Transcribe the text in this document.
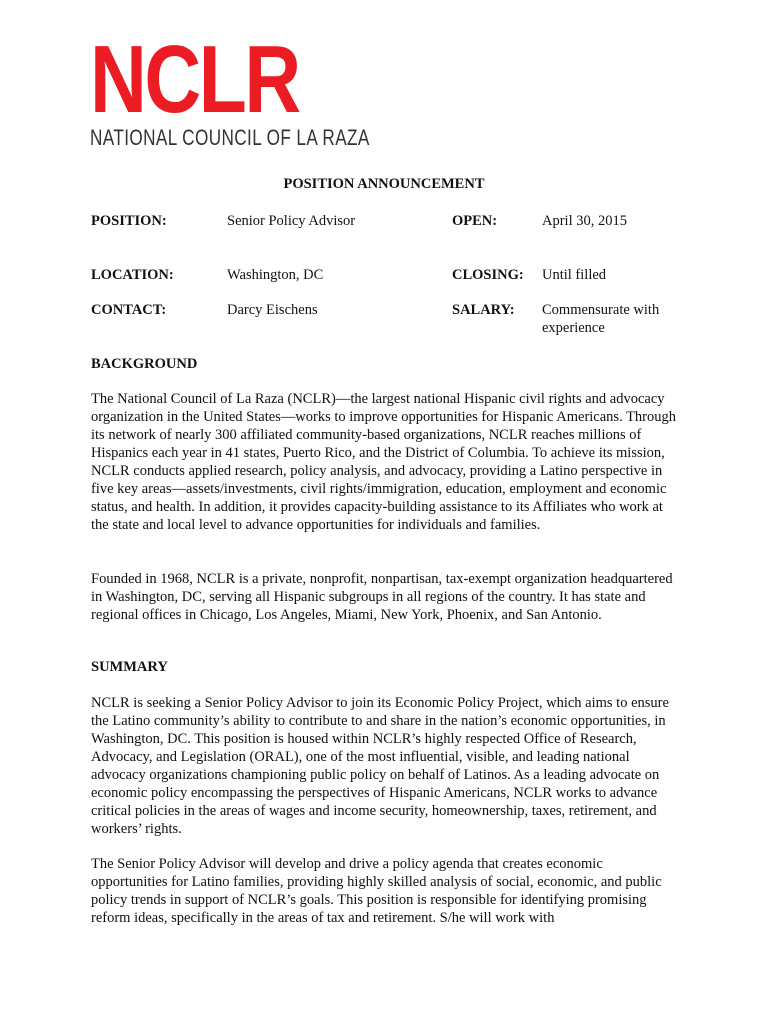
NCLR
NATIONAL COUNCIL OF LA RAZA
POSITION ANNOUNCEMENT
POSITION:	Senior Policy Advisor	OPEN:	April 30, 2015
LOCATION:	Washington, DC	CLOSING: Until filled
CONTACT:	Darcy Eischens	SALARY: Commensurate with experience
BACKGROUND

The National Council of La Raza (NCLR)—the largest national Hispanic civil rights and advocacy organization in the United States—works to improve opportunities for Hispanic Americans. Through its network of nearly 300 affiliated community-based organizations, NCLR reaches millions of Hispanics each year in 41 states, Puerto Rico, and the District of Columbia. To achieve its mission, NCLR conducts applied research, policy analysis, and advocacy, providing a Latino perspective in five key areas—assets/investments, civil rights/immigration, education, employment and economic status, and health. In addition, it provides capacity-building assistance to its Affiliates who work at the state and local level to advance opportunities for individuals and families.

Founded in 1968, NCLR is a private, nonprofit, nonpartisan, tax-exempt organization headquartered in Washington, DC, serving all Hispanic subgroups in all regions of the country. It has state and regional offices in Chicago, Los Angeles, Miami, New York, Phoenix, and San Antonio.

SUMMARY

NCLR is seeking a Senior Policy Advisor to join its Economic Policy Project, which aims to ensure the Latino community’s ability to contribute to and share in the nation’s economic opportunities, in Washington, DC. This position is housed within NCLR’s highly respected Office of Research, Advocacy, and Legislation (ORAL), one of the most influential, visible, and leading national advocacy organizations championing public policy on behalf of Latinos. As a leading advocate on economic policy encompassing the perspectives of Hispanic Americans, NCLR works to advance critical policies in the areas of wages and income security, homeownership, taxes, retirement, and workers’ rights.

The Senior Policy Advisor will develop and drive a policy agenda that creates economic opportunities for Latino families, providing highly skilled analysis of social, economic, and public policy trends in support of NCLR’s goals. This position is responsible for identifying promising reform ideas, specifically in the areas of tax and retirement. S/he will work with
